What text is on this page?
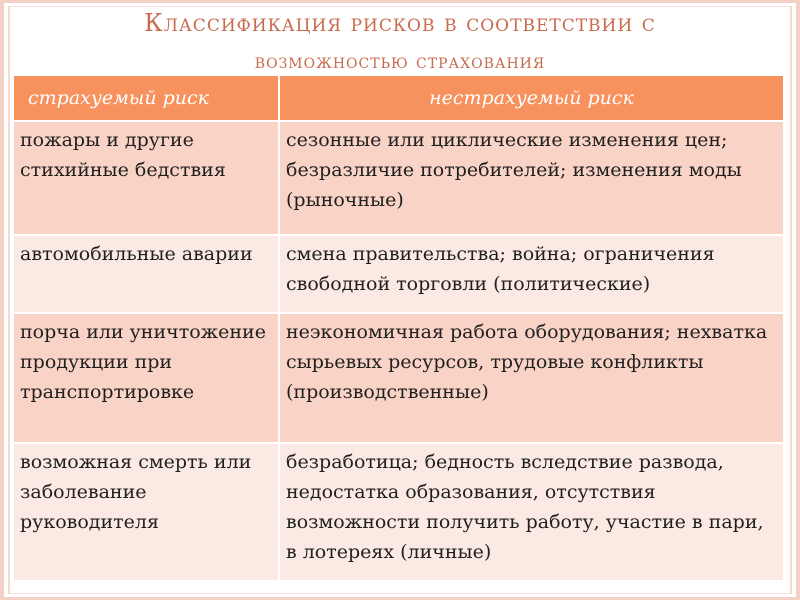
Классификация рисков в соответствии с
возможностью страхования
страхуемый риск	нестрахуемый риск

пожары и другие стихийные бедствия	сезонные или циклические изменения цен; безразличие потребителей; изменения моды (рыночные)

автомобильные аварии	смена правительства; война; ограничения свободной торговли (политические)

порча или уничтожение продукции при транспортировке	неэкономичная работа оборудования; нехватка сырьевых ресурсов, трудовые конфликты (производственные)

возможная смерть или заболевание руководителя	безработица; бедность вследствие развода, недостатка образования, отсутствия возможности получить работу, участие в пари, в лотереях (личные)
